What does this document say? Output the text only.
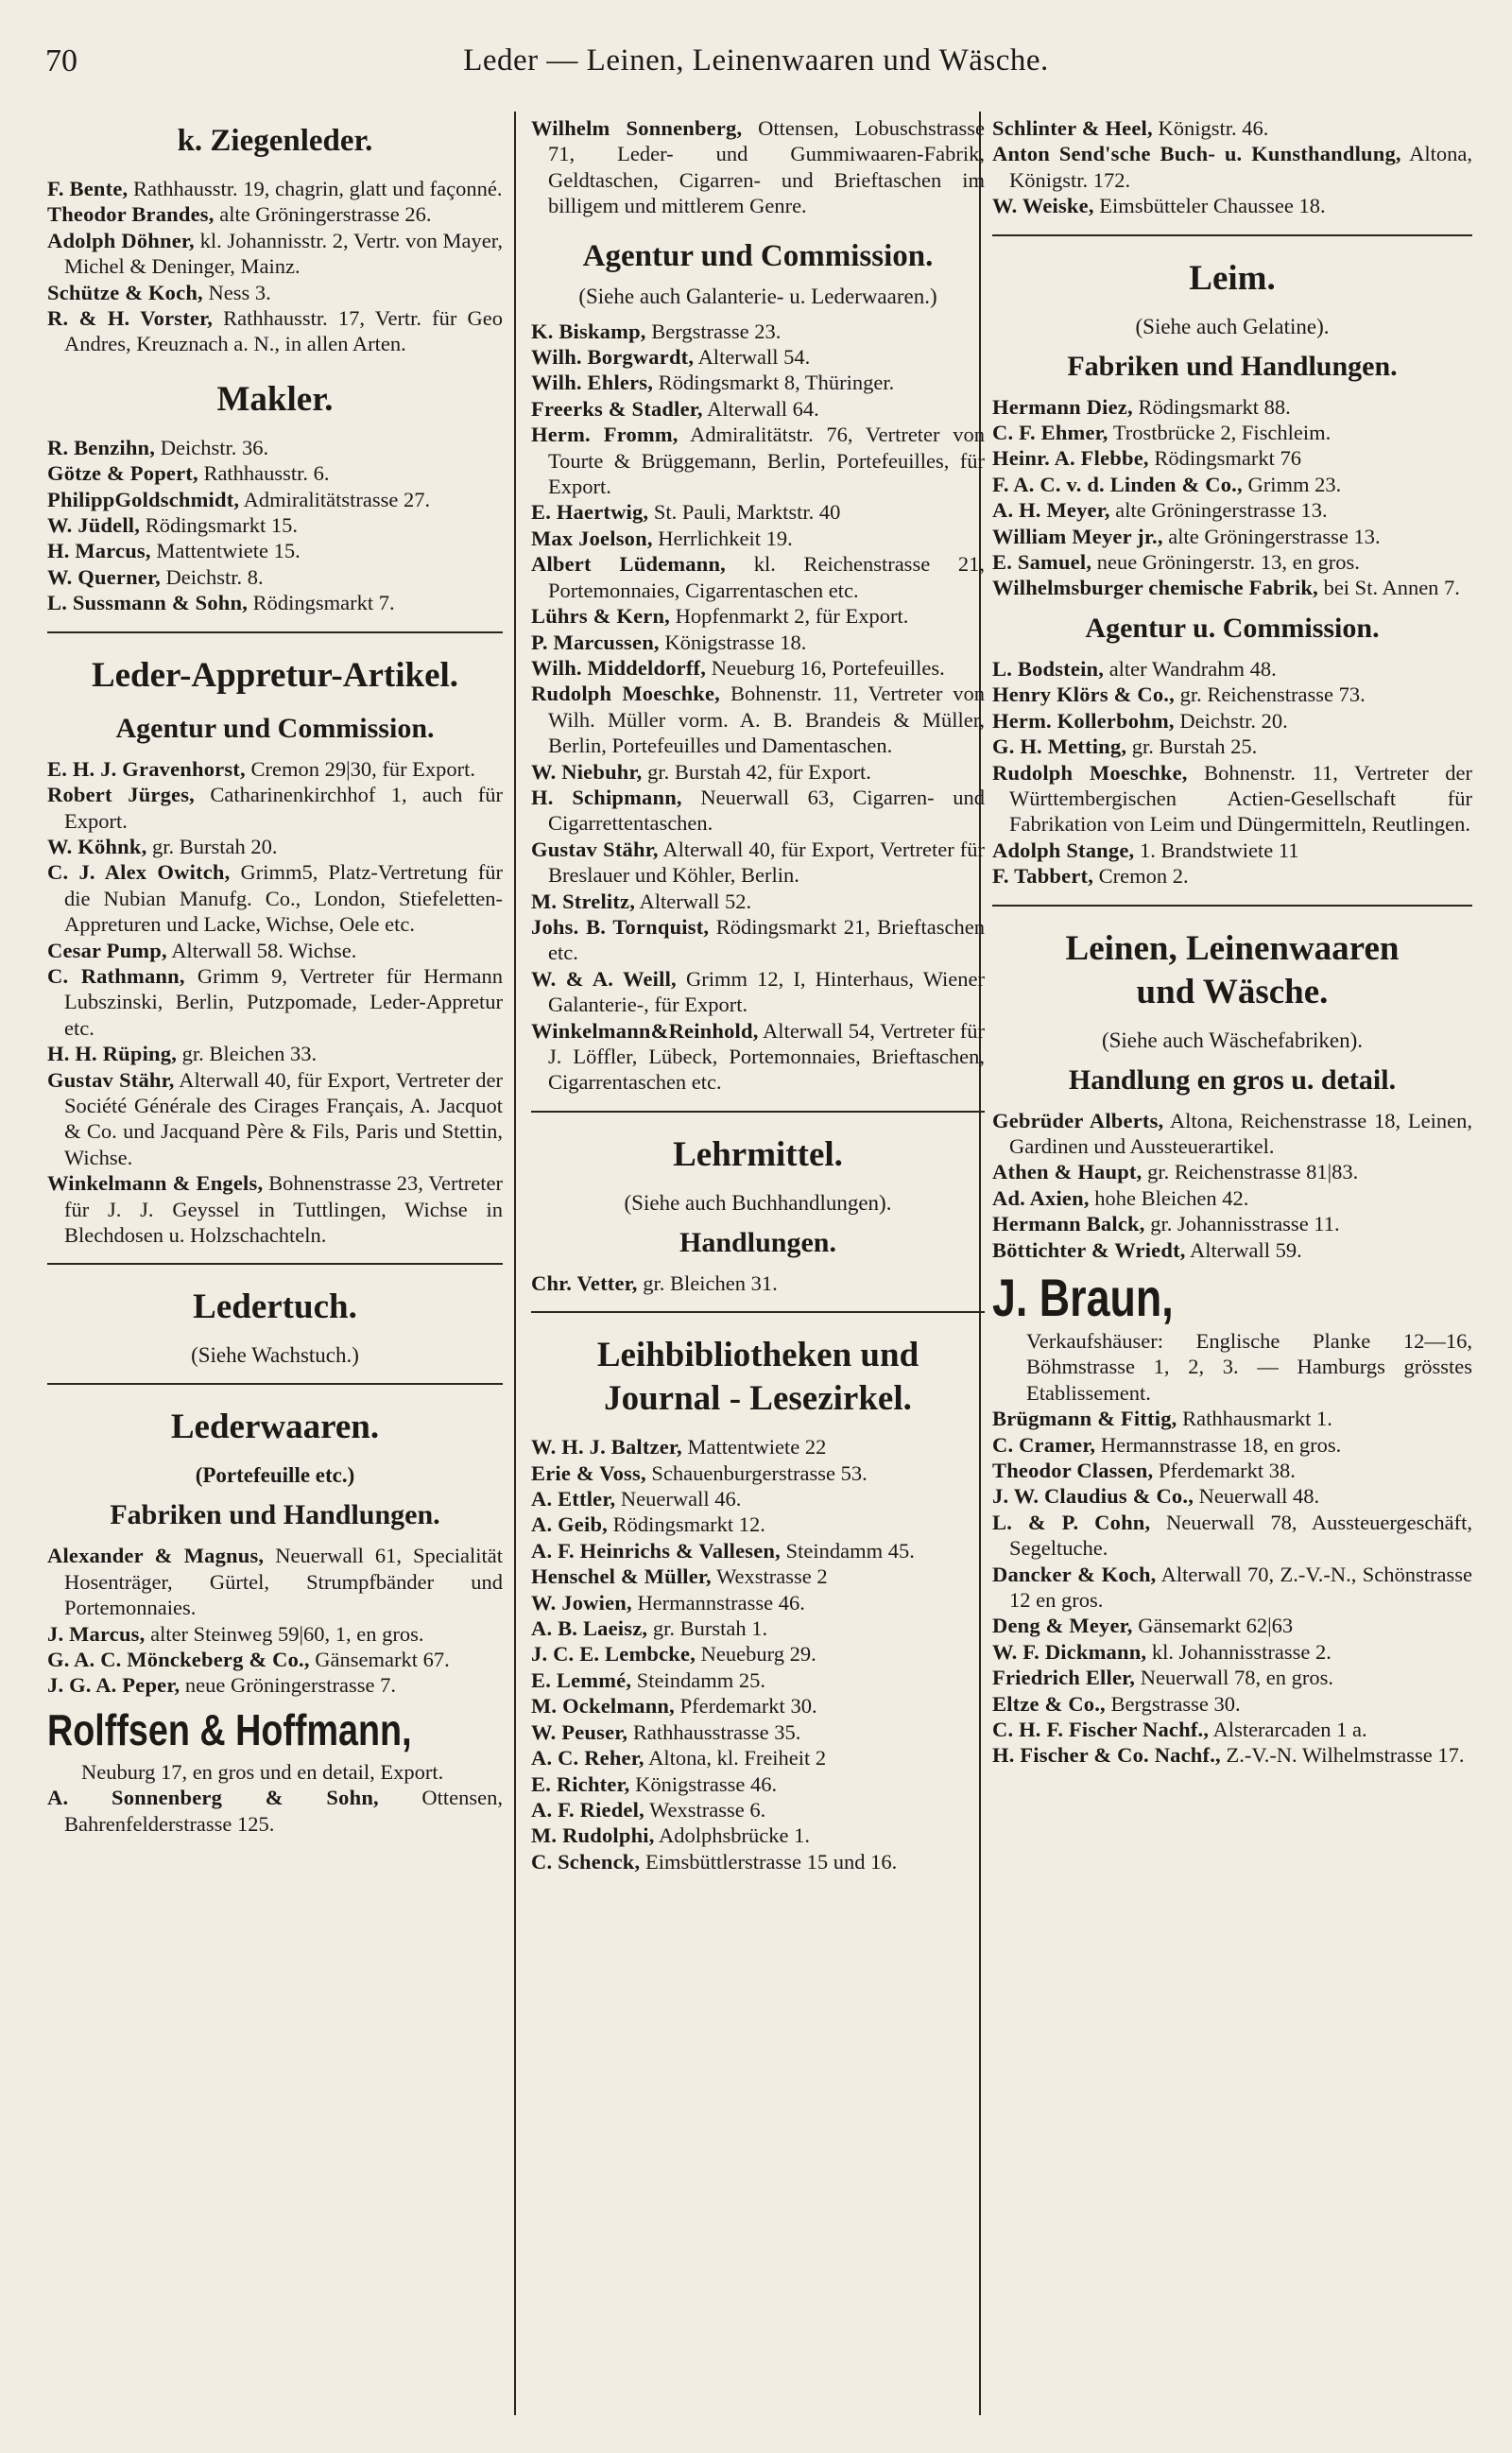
70	Leder — Leinen, Leinenwaaren und Wäsche.
k. Ziegenleder.

F. Bente, Rathhausstr. 19, chagrin, glatt und façonné.

Theodor Brandes, alte Gröningerstrasse 26.

Adolph Döhner, kl. Johannisstr. 2, Vertr. von Mayer, Michel & Deninger, Mainz.

Schütze & Koch, Ness 3.

R. & H. Vorster, Rathhausstr. 17, Vertr. für Geo Andres, Kreuznach a. N., in allen Arten.

Makler.

R. Benzihn, Deichstr. 36.

Götze & Popert, Rathhausstr. 6.

PhilippGoldschmidt, Admiralitätstrasse 27.

W. Jüdell, Rödingsmarkt 15.

H. Marcus, Mattentwiete 15.

W. Querner, Deichstr. 8.

L. Sussmann & Sohn, Rödingsmarkt 7.

Leder-Appretur-Artikel.
Agentur und Commission.

E. H. J. Gravenhorst, Cremon 29|30, für Export.

Robert Jürges, Catharinenkirchhof 1, auch für Export.

W. Köhnk, gr. Burstah 20.

C. J. Alex Owitch, Grimm5, Platz-Vertretung für die Nubian Manufg. Co., London, Stiefeletten-Appreturen und Lacke, Wichse, Oele etc.

Cesar Pump, Alterwall 58. Wichse.

C. Rathmann, Grimm 9, Vertreter für Hermann Lubszinski, Berlin, Putzpomade, Leder-Appretur etc.

H. H. Rüping, gr. Bleichen 33.

Gustav Stähr, Alterwall 40, für Export, Vertreter der Société Générale des Cirages Français, A. Jacquot & Co. und Jacquand Père & Fils, Paris und Stettin, Wichse.

Winkelmann & Engels, Bohnenstrasse 23, Vertreter für J. J. Geyssel in Tuttlingen, Wichse in Blechdosen u. Holzschachteln.

Ledertuch.
(Siehe Wachstuch.)
Lederwaaren.
(Portefeuille etc.)
Fabriken und Handlungen.

Alexander & Magnus, Neuerwall 61, Specialität Hosenträger, Gürtel, Strumpfbänder und Portemonnaies.

J. Marcus, alter Steinweg 59|60, 1, en gros.

G. A. C. Mönckeberg & Co., Gänsemarkt 67.

J. G. A. Peper, neue Gröningerstrasse 7.

Rolffsen & Hoffmann,

Neuburg 17, en gros und en detail, Export.

A. Sonnenberg & Sohn, Ottensen, Bahrenfelderstrasse 125.

Wilhelm Sonnenberg, Ottensen, Lobuschstrasse 71, Leder- und Gummiwaaren-Fabrik, Geldtaschen, Cigarren- und Brieftaschen im billigem und mittlerem Genre.

Agentur und Commission.
(Siehe auch Galanterie- u. Lederwaaren.)

K. Biskamp, Bergstrasse 23.

Wilh. Borgwardt, Alterwall 54.

Wilh. Ehlers, Rödingsmarkt 8, Thüringer.

Freerks & Stadler, Alterwall 64.

Herm. Fromm, Admiralitätstr. 76, Vertreter von Tourte & Brüggemann, Berlin, Portefeuilles, für Export.

E. Haertwig, St. Pauli, Marktstr. 40

Max Joelson, Herrlichkeit 19.

Albert Lüdemann, kl. Reichenstrasse 21, Portemonnaies, Cigarrentaschen etc.

Lührs & Kern, Hopfenmarkt 2, für Export.

P. Marcussen, Königstrasse 18.

Wilh. Middeldorff, Neueburg 16, Portefeuilles.

Rudolph Moeschke, Bohnenstr. 11, Vertreter von Wilh. Müller vorm. A. B. Brandeis & Müller, Berlin, Portefeuilles und Damentaschen.

W. Niebuhr, gr. Burstah 42, für Export.

H. Schipmann, Neuerwall 63, Cigarren- und Cigarrettentaschen.

Gustav Stähr, Alterwall 40, für Export, Vertreter für Breslauer und Köhler, Berlin.

M. Strelitz, Alterwall 52.

Johs. B. Tornquist, Rödingsmarkt 21, Brieftaschen etc.

W. & A. Weill, Grimm 12, I, Hinterhaus, Wiener Galanterie-, für Export.

Winkelmann&Reinhold, Alterwall 54, Vertreter für J. Löffler, Lübeck, Portemonnaies, Brieftaschen, Cigarrentaschen etc.

Lehrmittel.
(Siehe auch Buchhandlungen).
Handlungen.

Chr. Vetter, gr. Bleichen 31.

Leihbibliotheken und
Journal - Lesezirkel.

W. H. J. Baltzer, Mattentwiete 22

Erie & Voss, Schauenburgerstrasse 53.

A. Ettler, Neuerwall 46.

A. Geib, Rödingsmarkt 12.

A. F. Heinrichs & Vallesen, Steindamm 45.

Henschel & Müller, Wexstrasse 2

W. Jowien, Hermannstrasse 46.

A. B. Laeisz, gr. Burstah 1.

J. C. E. Lembcke, Neueburg 29.

E. Lemmé, Steindamm 25.

M. Ockelmann, Pferdemarkt 30.

W. Peuser, Rathhausstrasse 35.

A. C. Reher, Altona, kl. Freiheit 2

E. Richter, Königstrasse 46.

A. F. Riedel, Wexstrasse 6.

M. Rudolphi, Adolphsbrücke 1.

C. Schenck, Eimsbüttlerstrasse 15 und 16.

Schlinter & Heel, Königstr. 46.

Anton Send'sche Buch- u. Kunsthandlung, Altona, Königstr. 172.

W. Weiske, Eimsbütteler Chaussee 18.

Leim.
(Siehe auch Gelatine).
Fabriken und Handlungen.

Hermann Diez, Rödingsmarkt 88.

C. F. Ehmer, Trostbrücke 2, Fischleim.

Heinr. A. Flebbe, Rödingsmarkt 76

F. A. C. v. d. Linden & Co., Grimm 23.

A. H. Meyer, alte Gröningerstrasse 13.

William Meyer jr., alte Gröningerstrasse 13.

E. Samuel, neue Gröningerstr. 13, en gros.

Wilhelmsburger chemische Fabrik, bei St. Annen 7.

Agentur u. Commission.

L. Bodstein, alter Wandrahm 48.

Henry Klörs & Co., gr. Reichenstrasse 73.

Herm. Kollerbohm, Deichstr. 20.

G. H. Metting, gr. Burstah 25.

Rudolph Moeschke, Bohnenstr. 11, Vertreter der Württembergischen Actien-Gesellschaft für Fabrikation von Leim und Düngermitteln, Reutlingen.

Adolph Stange, 1. Brandstwiete 11

F. Tabbert, Cremon 2.

Leinen, Leinenwaaren
und Wäsche.
(Siehe auch Wäschefabriken).
Handlung en gros u. detail.

Gebrüder Alberts, Altona, Reichenstrasse 18, Leinen, Gardinen und Aussteuerartikel.

Athen & Haupt, gr. Reichenstrasse 81|83.

Ad. Axien, hohe Bleichen 42.

Hermann Balck, gr. Johannisstrasse 11.

Böttichter & Wriedt, Alterwall 59.

J. Braun,

Verkaufshäuser: Englische Planke 12—16, Böhmstrasse 1, 2, 3. — Hamburgs grösstes Etablissement.

Brügmann & Fittig, Rathhausmarkt 1.

C. Cramer, Hermannstrasse 18, en gros.

Theodor Classen, Pferdemarkt 38.

J. W. Claudius & Co., Neuerwall 48.

L. & P. Cohn, Neuerwall 78, Aussteuergeschäft, Segeltuche.

Dancker & Koch, Alterwall 70, Z.-V.-N., Schönstrasse 12 en gros.

Deng & Meyer, Gänsemarkt 62|63

W. F. Dickmann, kl. Johannisstrasse 2.

Friedrich Eller, Neuerwall 78, en gros.

Eltze & Co., Bergstrasse 30.

C. H. F. Fischer Nachf., Alsterarcaden 1 a.

H. Fischer & Co. Nachf., Z.-V.-N. Wilhelmstrasse 17.
